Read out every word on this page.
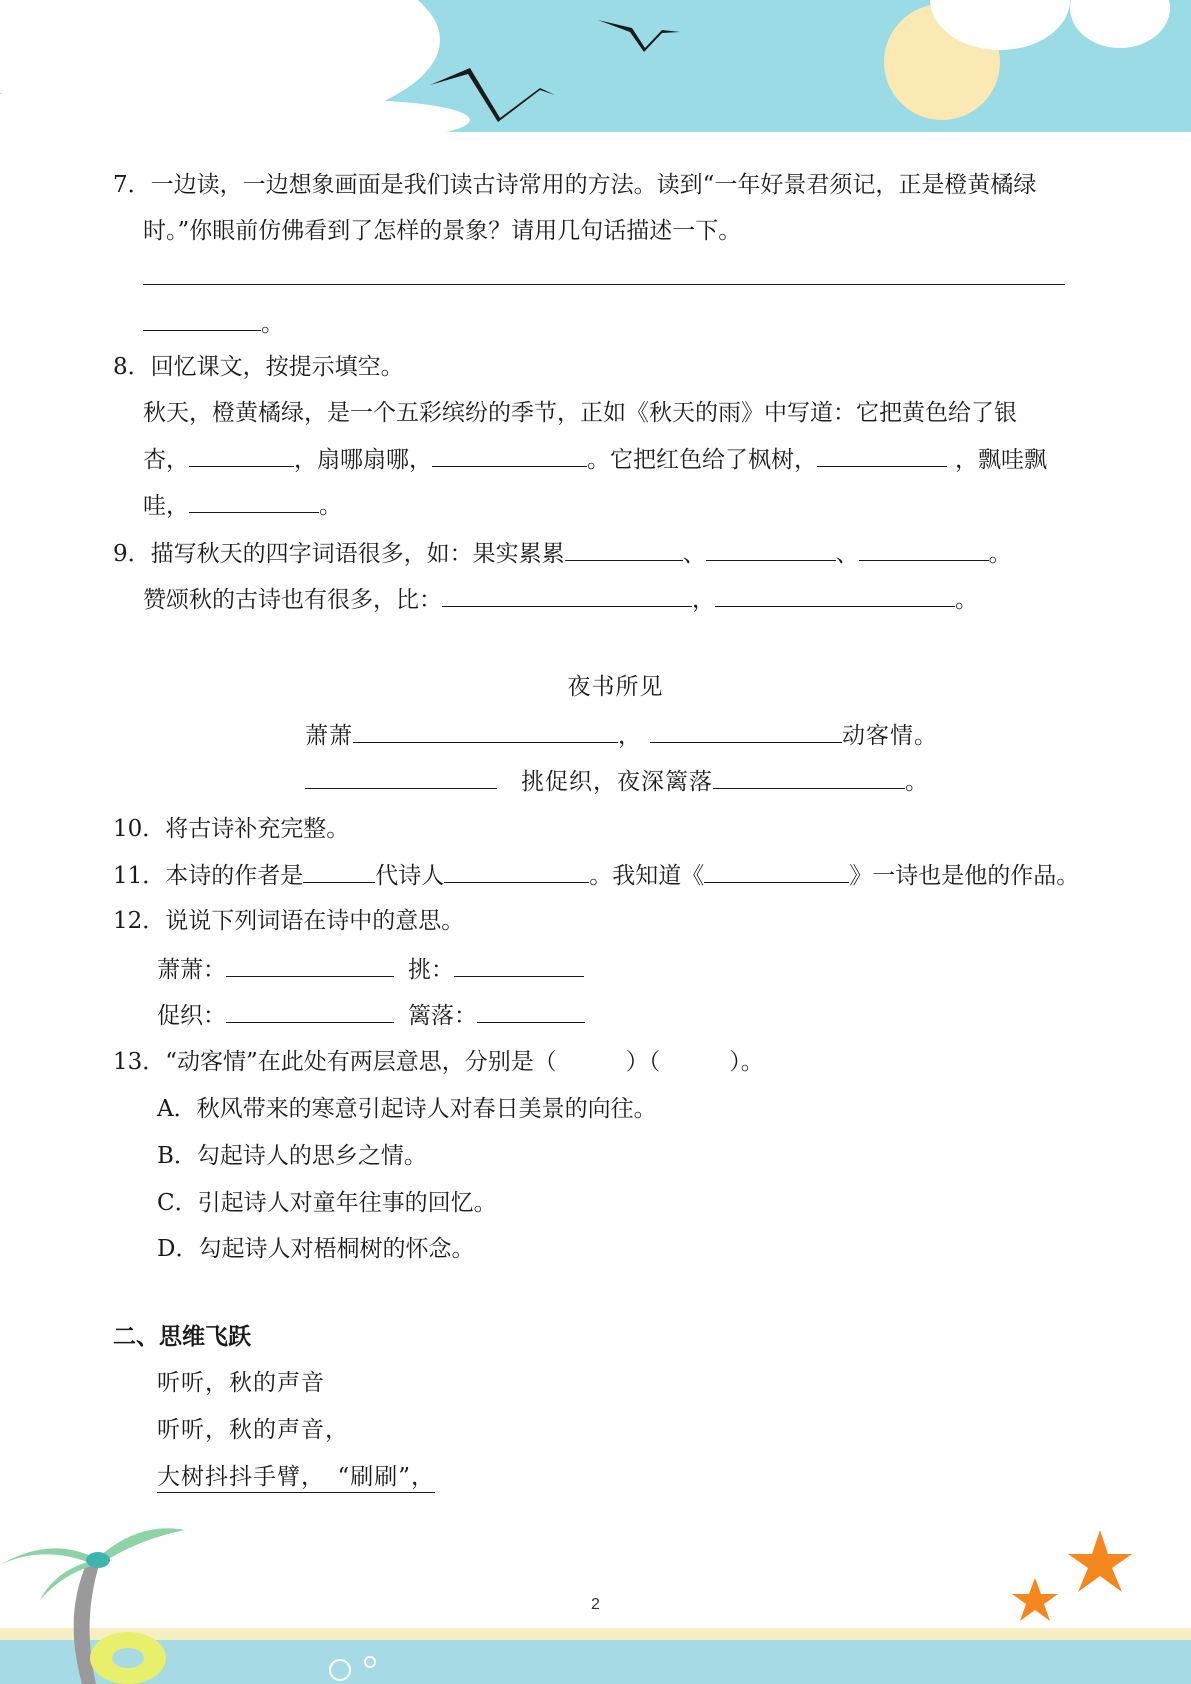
7．一边读，一边想象画面是我们读古诗常用的方法。读到“一年好景君须记，正是橙黄橘绿
时。”你眼前仿佛看到了怎样的景象？请用几句话描述一下。
。
8．回忆课文，按提示填空。
秋天，橙黄橘绿，是一个五彩缤纷的季节，正如《秋天的雨》中写道：它把黄色给了银
杏，	，扇哪扇哪，	。它把红色给了枫树，	，飘哇飘
哇，	。
9．描写秋天的四字词语很多，如：果实累累	、	、	。
赞颂秋的古诗也有很多，比：	，	。
夜书所见
萧萧	，	动客情。
挑促织，夜深篱落	。
10．将古诗补充完整。
11．本诗的作者是	代诗人	。我知道《	》一诗也是他的作品。
12．说说下列词语在诗中的意思。
萧萧：	挑：
促织：	篱落：
13．“动客情”在此处有两层意思，分别是（　　　）（　　　）。
A．秋风带来的寒意引起诗人对春日美景的向往。
B．勾起诗人的思乡之情。
C．引起诗人对童年往事的回忆。
D．勾起诗人对梧桐树的怀念。
二、思维飞跃
听听，秋的声音
听听，秋的声音，
大树抖抖手臂，　“刷刷”，
2
